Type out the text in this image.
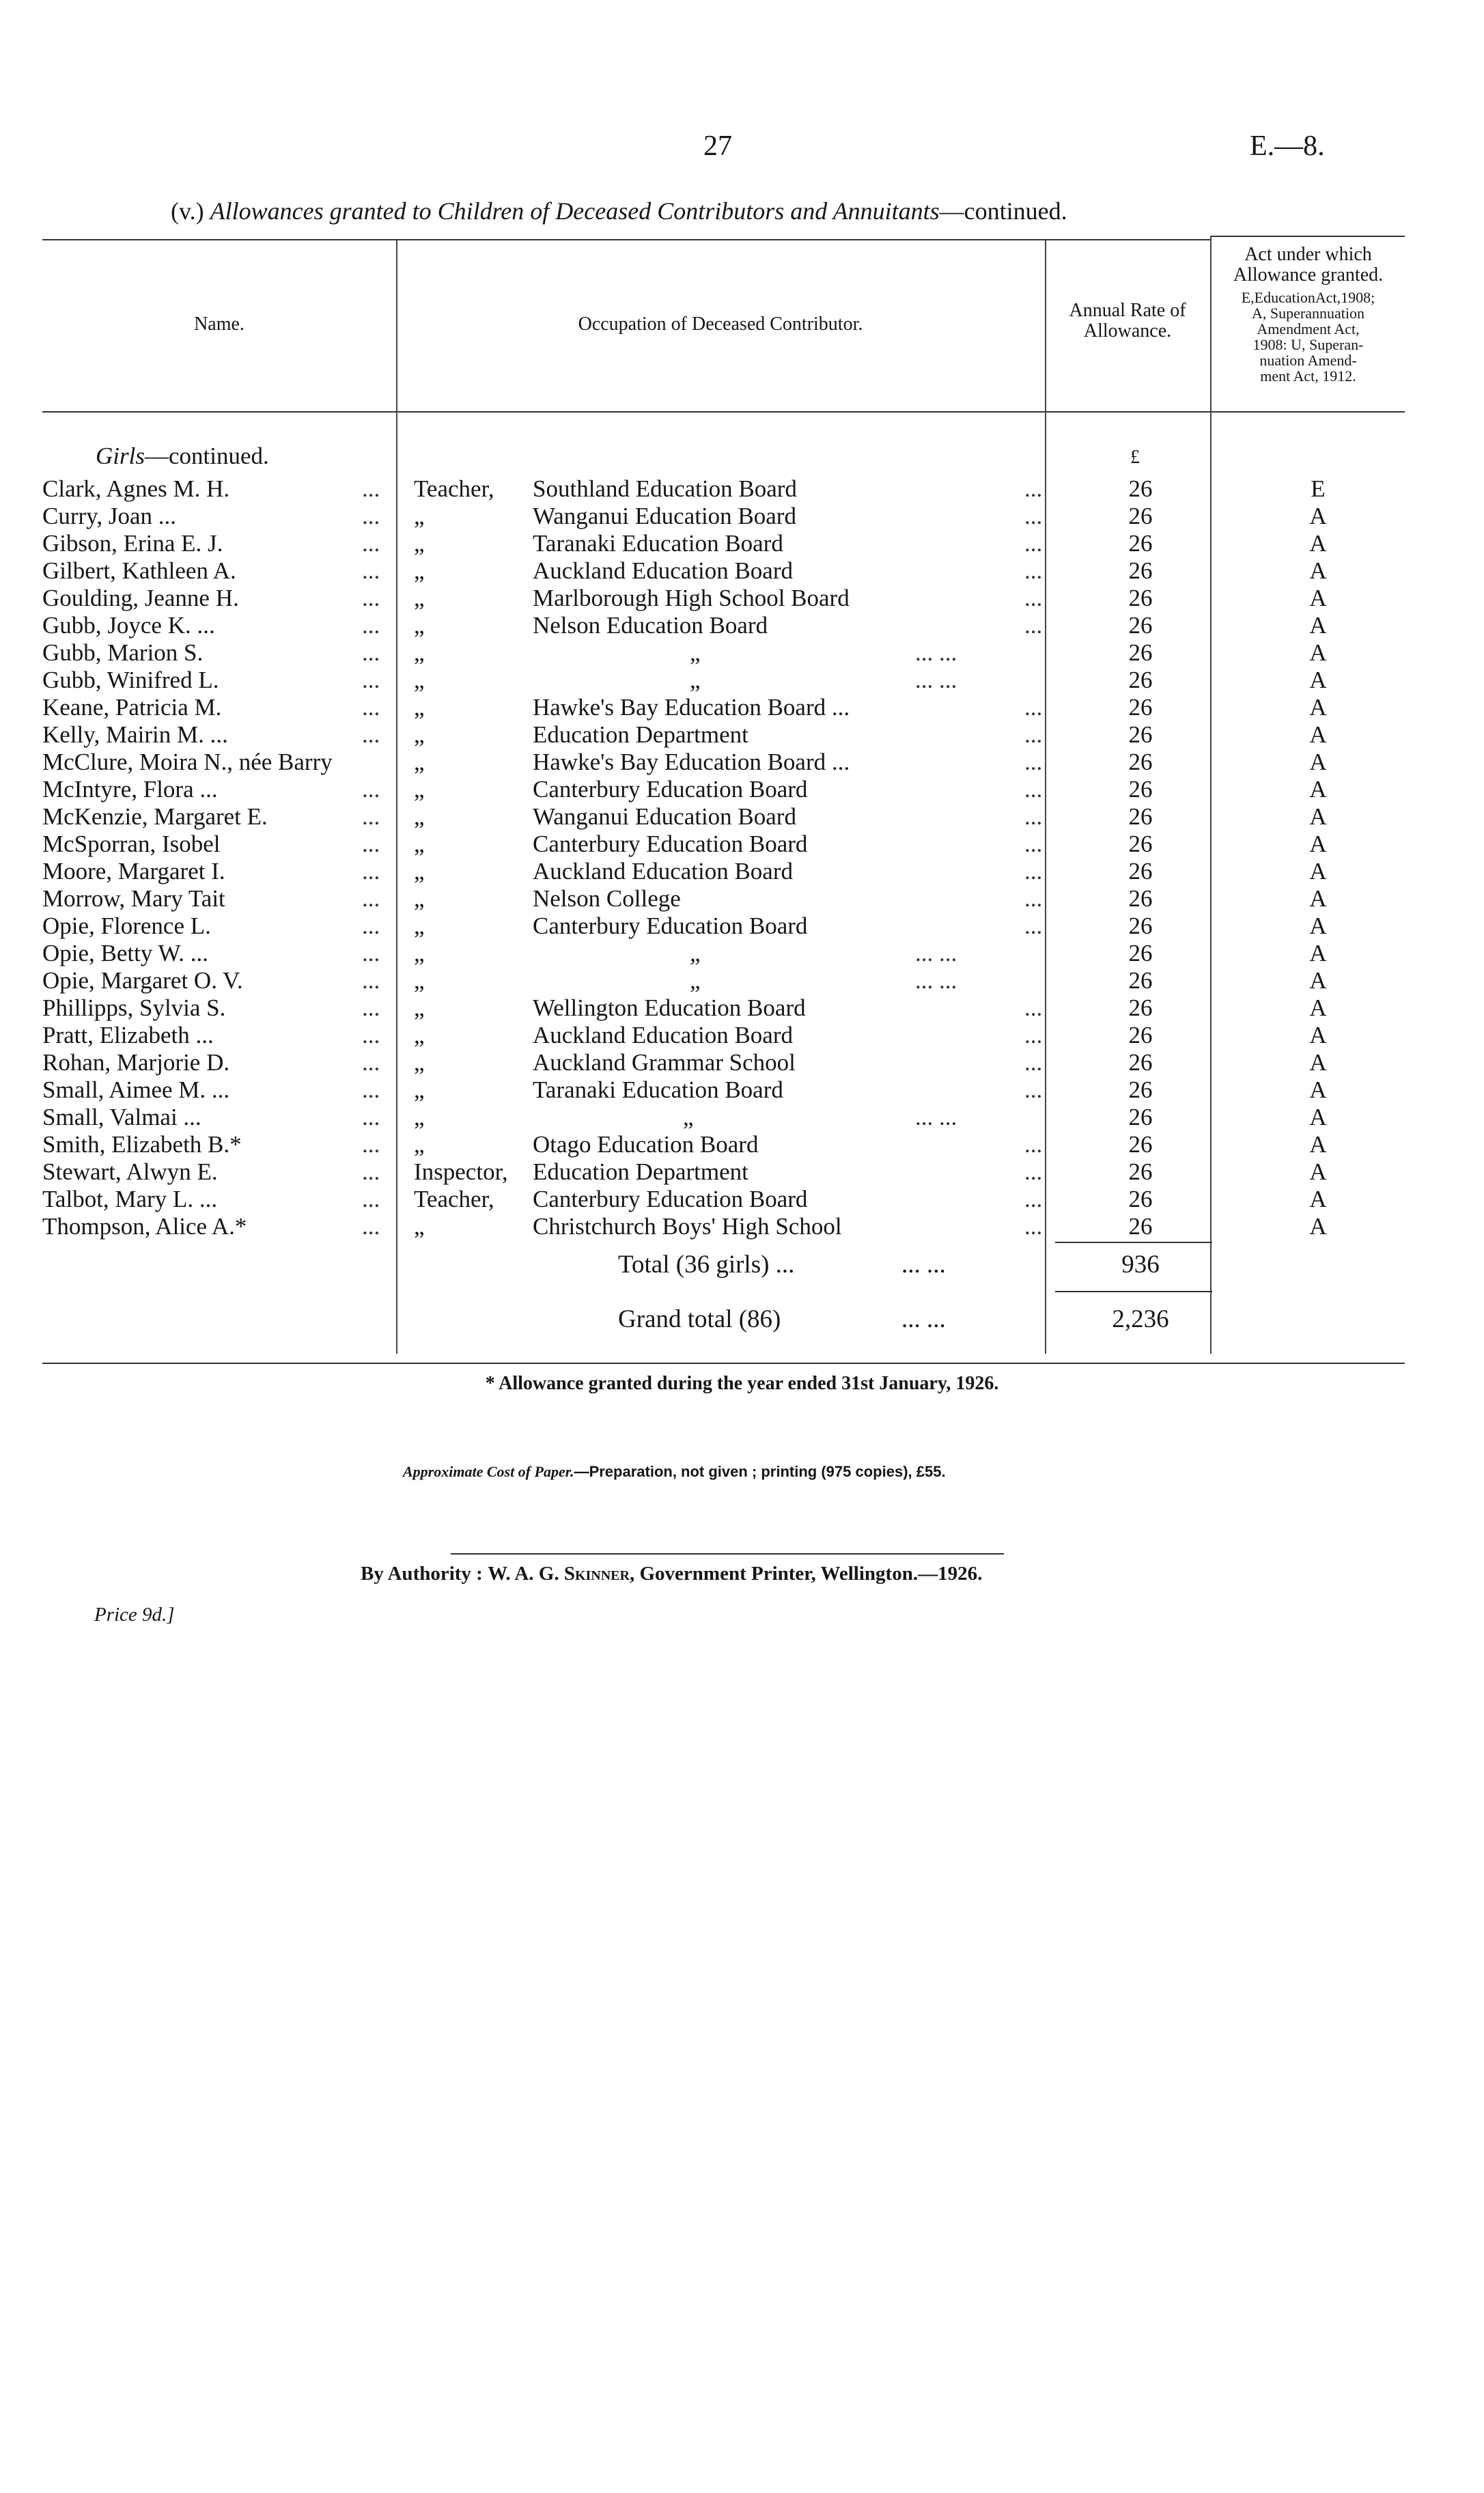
27	E.—8.
(v.) Allowances granted to Children of Deceased Contributors and Annuitants—continued.
Name.	Occupation of Deceased Contributor.
Annual Rate of
Allowance.
Act under which
Allowance granted.
E,EducationAct,1908;
A, Superannuation
Amendment Act,
1908: U, Superan-
nuation Amend-
ment Act, 1912.
Girls—continued.	£
Clark, Agnes M. H.	... Teacher, Southland Education Board	...	26	E
Curry, Joan ...	... „	Wanganui Education Board	...	26	A
Gibson, Erina E. J.	... „	Taranaki Education Board	...	26	A
Gilbert, Kathleen A.	... „	Auckland Education Board	...	26	A
Goulding, Jeanne H.	... „	Marlborough High School Board	...	26	A
Gubb, Joyce K. ...	... „	Nelson Education Board	...	26	A
Gubb, Marion S.	... „	„	... ...	26	A
Gubb, Winifred L.	... „	„	... ...	26	A
Keane, Patricia M.	... „	Hawke's Bay Education Board ...	...	26	A
Kelly, Mairin M. ...	... „	Education Department	...	26	A
McClure, Moira N., née Barry	„	Hawke's Bay Education Board ...	...	26	A
McIntyre, Flora ...	... „	Canterbury Education Board	...	26	A
McKenzie, Margaret E.	... „	Wanganui Education Board	...	26	A
McSporran, Isobel	... „	Canterbury Education Board	...	26	A
Moore, Margaret I.	... „	Auckland Education Board	...	26	A
Morrow, Mary Tait	... „	Nelson College	...	26	A
Opie, Florence L.	... „	Canterbury Education Board	...	26	A
Opie, Betty W. ...	... „	„	... ...	26	A
Opie, Margaret O. V.	... „	„	... ...	26	A
Phillipps, Sylvia S.	... „	Wellington Education Board	...	26	A
Pratt, Elizabeth ...	... „	Auckland Education Board	...	26	A
Rohan, Marjorie D.	... „	Auckland Grammar School	...	26	A
Small, Aimee M. ...	... „	Taranaki Education Board	...	26	A
Small, Valmai ...	... „	„	... ...	26	A
Smith, Elizabeth B.*	... „	Otago Education Board	...	26	A
Stewart, Alwyn E.	... Inspector, Education Department	...	26	A
Talbot, Mary L. ...	... Teacher, Canterbury Education Board	...	26	A
Thompson, Alice A.*	... „	Christchurch Boys' High School	...	26	A
Total (36 girls) ...	... ...	936
Grand total (86)	... ...	2,236
* Allowance granted during the year ended 31st January, 1926.
Approximate Cost of Paper.—Preparation, not given ; printing (975 copies), £55.
By Authority : W. A. G. Skinner, Government Printer, Wellington.—1926.
Price 9d.]
